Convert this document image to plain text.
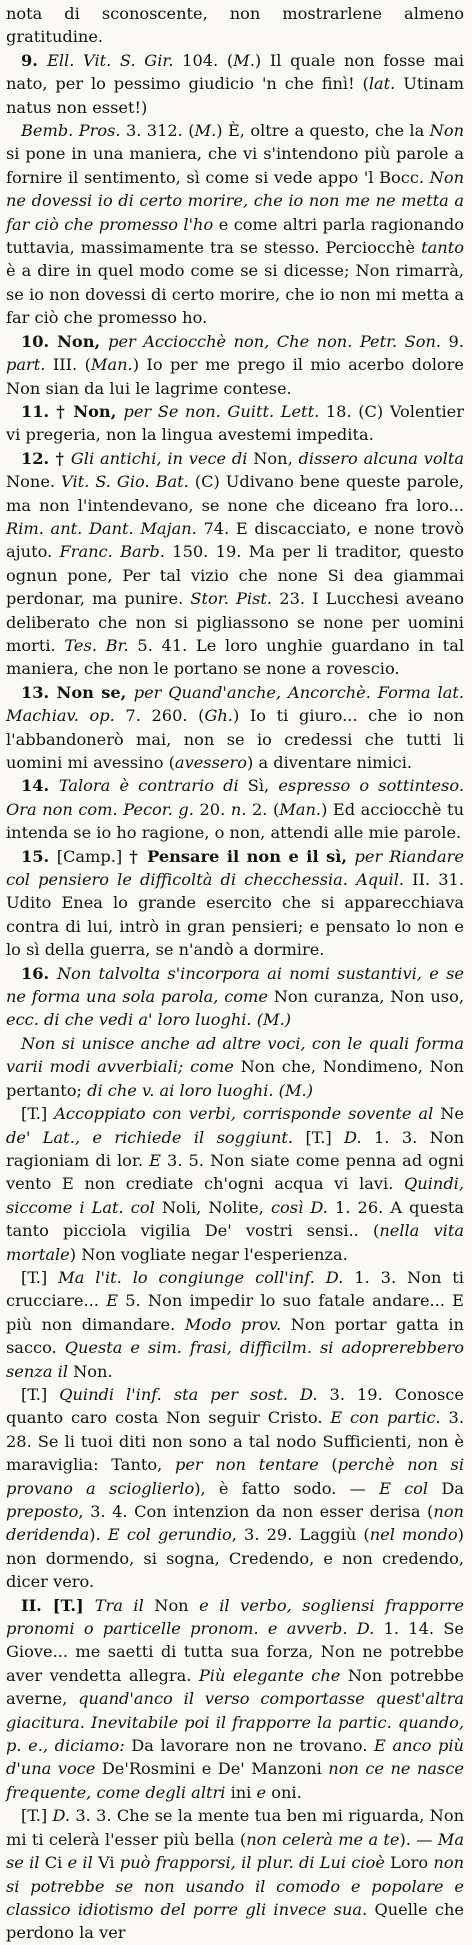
nota di sconoscente, non mostrarlene almeno gratitudine.

9. Ell. Vit. S. Gir. 104. (M.) Il quale non fosse mai nato, per lo pessimo giudicio 'n che finì! (lat. Utinam natus non esset!)

Bemb. Pros. 3. 312. (M.) È, oltre a questo, che la Non si pone in una maniera, che vi s'intendono più parole a fornire il sentimento, sì come si vede appo 'l Bocc. Non ne dovessi io di certo morire, che io non me ne metta a far ciò che promesso l'ho e come altri parla ragionando tuttavia, massimamente tra se stesso. Perciocchè tanto è a dire in quel modo come se si dicesse; Non rimarrà, se io non dovessi di certo morire, che io non mi metta a far ciò che promesso ho.

10. Non, per Acciocchè non, Che non. Petr. Son. 9. part. III. (Man.) Io per me prego il mio acerbo dolore Non sian da lui le lagrime contese.

11. † Non, per Se non. Guitt. Lett. 18. (C) Volentier vi pregeria, non la lingua avestemi impedita.

12. † Gli antichi, in vece di Non, dissero alcuna volta None. Vit. S. Gio. Bat. (C) Udivano bene queste parole, ma non l'intendevano, se none che diceano fra loro... Rim. ant. Dant. Majan. 74. E discacciato, e none trovò ajuto. Franc. Barb. 150. 19. Ma per li traditor, questo ognun pone, Per tal vizio che none Si dea giammai perdonar, ma punire. Stor. Pist. 23. I Lucchesi aveano deliberato che non si pigliassono se none per uomini morti. Tes. Br. 5. 41. Le loro unghie guardano in tal maniera, che non le portano se none a rovescio.

13. Non se, per Quand'anche, Ancorchè. Forma lat. Machiav. op. 7. 260. (Gh.) Io ti giuro... che io non l'abbandonerò mai, non se io credessi che tutti li uomini mi avessino (avessero) a diventare nimici.

14. Talora è contrario di Sì, espresso o sottinteso. Ora non com. Pecor. g. 20. n. 2. (Man.) Ed acciocchè tu intenda se io ho ragione, o non, attendi alle mie parole.

15. [Camp.] † Pensare il non e il sì, per Riandare col pensiero le difficoltà di checchessia. Aquil. II. 31. Udito Enea lo grande esercito che si apparecchiava contra di lui, intrò in gran pensieri; e pensato lo non e lo sì della guerra, se n'andò a dormire.

16. Non talvolta s'incorpora ai nomi sustantivi, e se ne forma una sola parola, come Non curanza, Non uso, ecc. di che vedi a' loro luoghi. (M.)

Non si unisce anche ad altre voci, con le quali forma varii modi avverbiali; come Non che, Nondimeno, Non pertanto; di che v. ai loro luoghi. (M.)

[T.] Accoppiato con verbi, corrisponde sovente al Ne de' Lat., e richiede il soggiunt. [T.] D. 1. 3. Non ragioniam di lor. E 3. 5. Non siate come penna ad ogni vento E non crediate ch'ogni acqua vi lavi. Quindi, siccome i Lat. col Noli, Nolite, così D. 1. 26. A questa tanto picciola vigilia De' vostri sensi.. (nella vita mortale) Non vogliate negar l'esperienza.

[T.] Ma l'it. lo congiunge coll'inf. D. 1. 3. Non ti crucciare... E 5. Non impedir lo suo fatale andare... E più non dimandare. Modo prov. Non portar gatta in sacco. Questa e sim. frasi, difficilm. si adoprerebbero senza il Non.

[T.] Quindi l'inf. sta per sost. D. 3. 19. Conosce quanto caro costa Non seguir Cristo. E con partic. 3. 28. Se li tuoi diti non sono a tal nodo Sufficienti, non è maraviglia: Tanto, per non tentare (perchè non si provano a scioglierlo), è fatto sodo. — E col Da preposto, 3. 4. Con intenzion da non esser derisa (non deridenda). E col gerundio, 3. 29. Laggiù (nel mondo) non dormendo, si sogna, Credendo, e non credendo, dicer vero.

II. [T.] Tra il Non e il verbo, sogliensi frapporre pronomi o particelle pronom. e avverb. D. 1. 14. Se Giove... me saetti di tutta sua forza, Non ne potrebbe aver vendetta allegra. Più elegante che Non potrebbe averne, quand'anco il verso comportasse quest'altra giacitura. Inevitabile poi il frapporre la partic. quando, p. e., diciamo: Da lavorare non ne trovano. E anco più d'una voce De'Rosmini e De' Manzoni non ce ne nasce frequente, come degli altri ini e oni.

[T.] D. 3. 3. Che se la mente tua ben mi riguarda, Non mi ti celerà l'esser più bella (non celerà me a te). — Ma se il Ci e il Vi può frapporsi, il plur. di Lui cioè Loro non si potrebbe se non usando il comodo e popolare e classico idiotismo del porre gli invece sua. Quelle che perdono la ver
